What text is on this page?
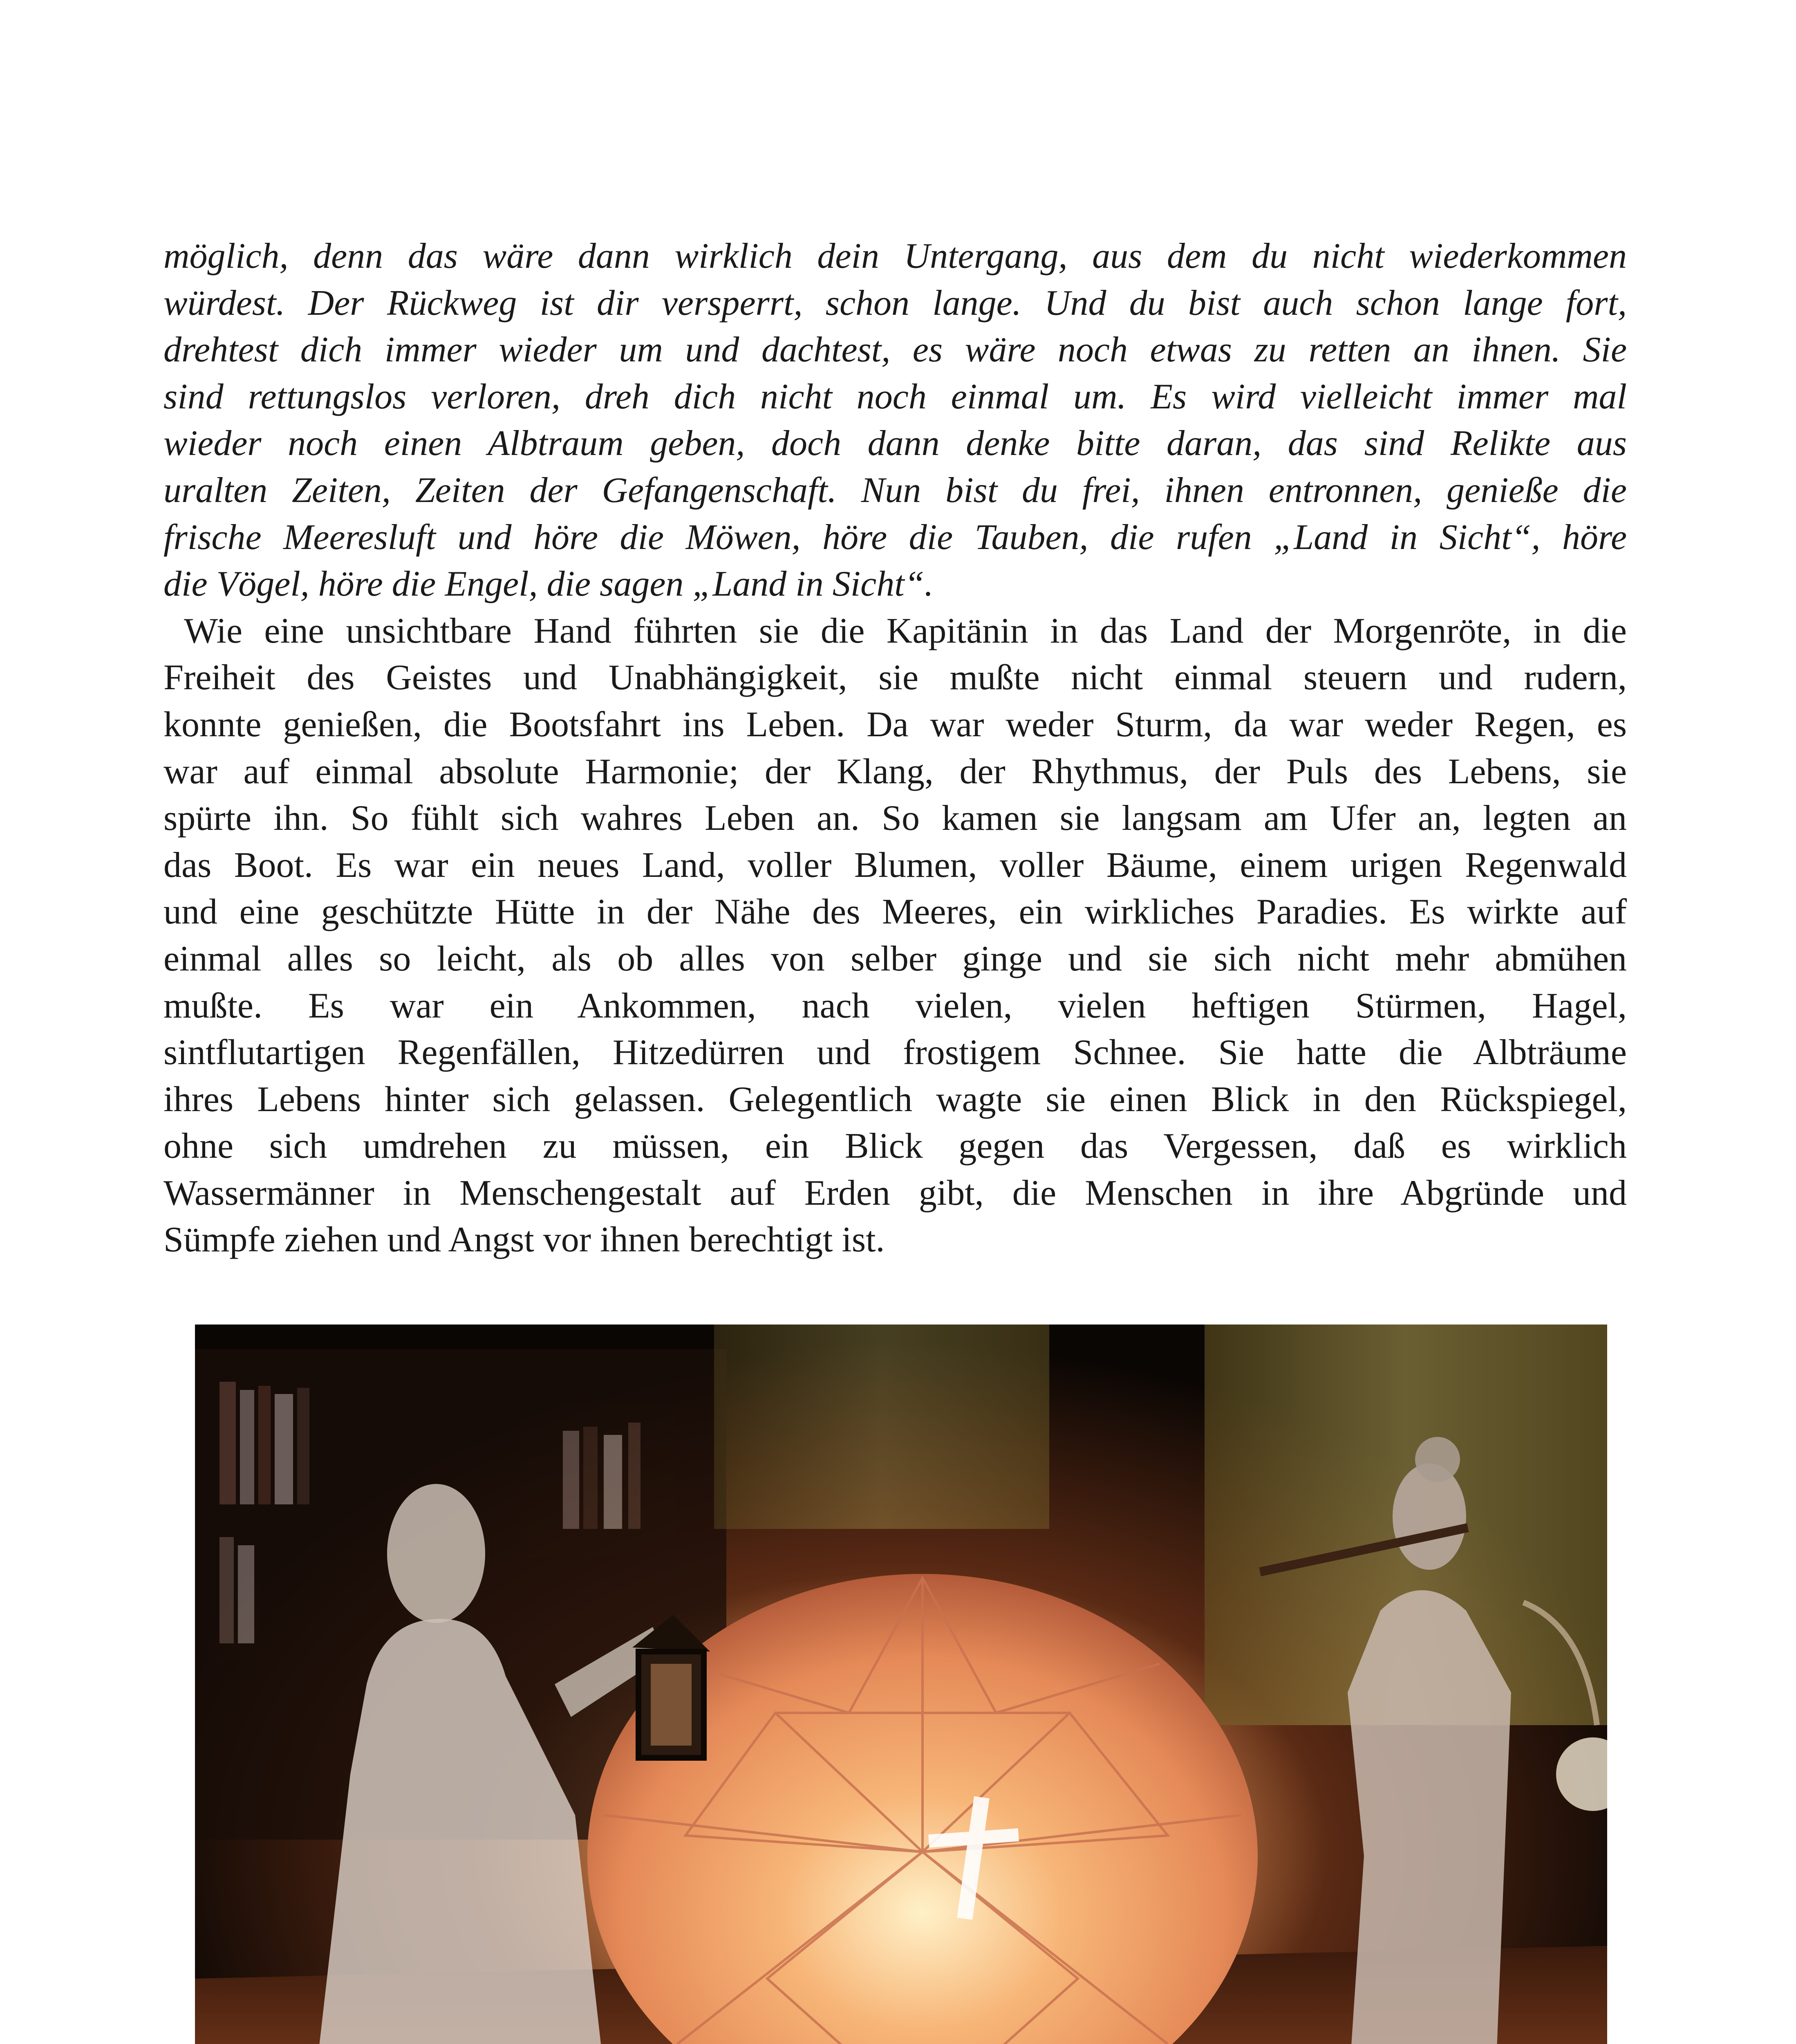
möglich, denn das wäre dann wirklich dein Untergang, aus dem du nicht wiederkommen
würdest. Der Rückweg ist dir versperrt, schon lange. Und du bist auch schon lange fort,
drehtest dich immer wieder um und dachtest, es wäre noch etwas zu retten an ihnen. Sie
sind rettungslos verloren, dreh dich nicht noch einmal um. Es wird vielleicht immer mal
wieder noch einen Albtraum geben, doch dann denke bitte daran, das sind Relikte aus
uralten Zeiten, Zeiten der Gefangenschaft. Nun bist du frei, ihnen entronnen, genieße die
frische Meeresluft und höre die Möwen, höre die Tauben, die rufen „Land in Sicht“, höre
die Vögel, höre die Engel, die sagen „Land in Sicht“.
Wie eine unsichtbare Hand führten sie die Kapitänin in das Land der Morgenröte, in die
Freiheit des Geistes und Unabhängigkeit, sie mußte nicht einmal steuern und rudern,
konnte genießen, die Bootsfahrt ins Leben. Da war weder Sturm, da war weder Regen, es
war auf einmal absolute Harmonie; der Klang, der Rhythmus, der Puls des Lebens, sie
spürte ihn. So fühlt sich wahres Leben an. So kamen sie langsam am Ufer an, legten an
das Boot. Es war ein neues Land, voller Blumen, voller Bäume, einem urigen Regenwald
und eine geschützte Hütte in der Nähe des Meeres, ein wirkliches Paradies. Es wirkte auf
einmal alles so leicht, als ob alles von selber ginge und sie sich nicht mehr abmühen
mußte. Es war ein Ankommen, nach vielen, vielen heftigen Stürmen, Hagel,
sintflutartigen Regenfällen, Hitzedürren und frostigem Schnee. Sie hatte die Albträume
ihres Lebens hinter sich gelassen. Gelegentlich wagte sie einen Blick in den Rückspiegel,
ohne sich umdrehen zu müssen, ein Blick gegen das Vergessen, daß es wirklich
Wassermänner in Menschengestalt auf Erden gibt, die Menschen in ihre Abgründe und
Sümpfe ziehen und Angst vor ihnen berechtigt ist.
